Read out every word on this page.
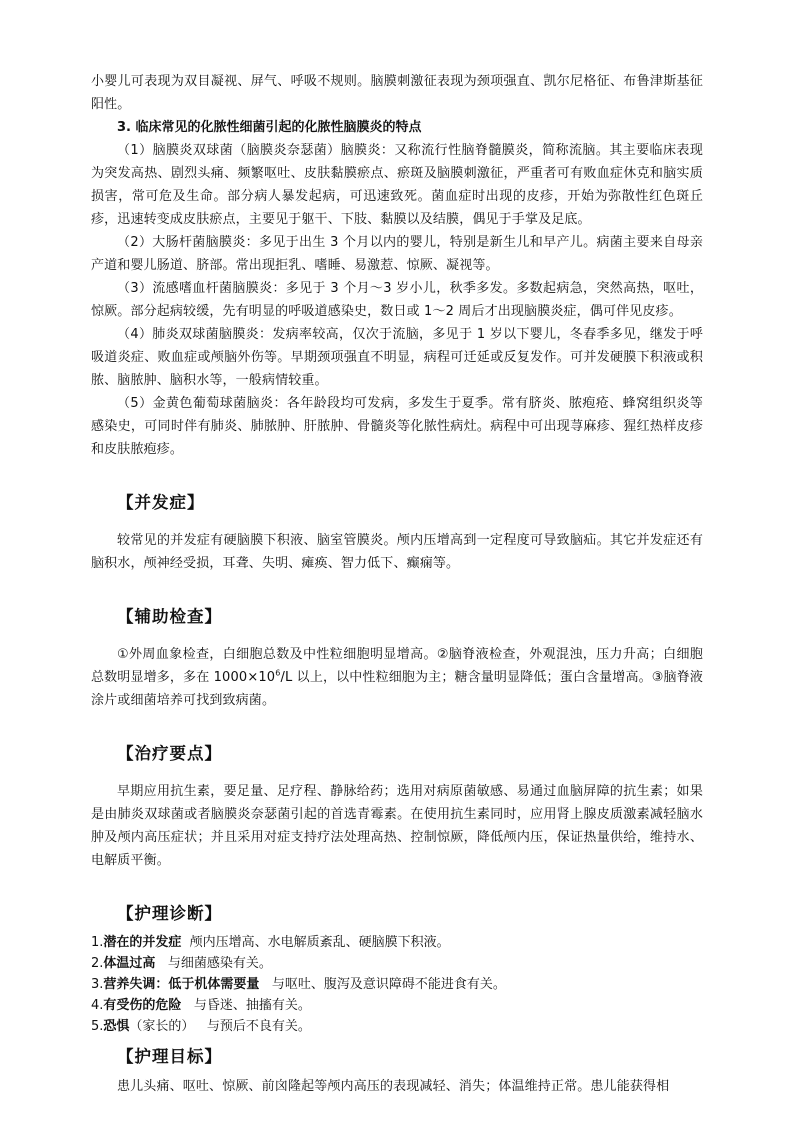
小婴儿可表现为双目凝视、屏气、呼吸不规则。脑膜刺激征表现为颈项强直、凯尔尼格征、布鲁津斯基征阳性。

3. 临床常见的化脓性细菌引起的化脓性脑膜炎的特点

（1）脑膜炎双球菌（脑膜炎奈瑟菌）脑膜炎：又称流行性脑脊髓膜炎，简称流脑。其主要临床表现为突发高热、剧烈头痛、频繁呕吐、皮肤黏膜瘀点、瘀斑及脑膜刺激征，严重者可有败血症休克和脑实质损害，常可危及生命。部分病人暴发起病，可迅速致死。菌血症时出现的皮疹，开始为弥散性红色斑丘疹，迅速转变成皮肤瘀点，主要见于躯干、下肢、黏膜以及结膜，偶见于手掌及足底。

（2）大肠杆菌脑膜炎：多见于出生 3 个月以内的婴儿，特别是新生儿和早产儿。病菌主要来自母亲产道和婴儿肠道、脐部。常出现拒乳、嗜睡、易激惹、惊厥、凝视等。

（3）流感嗜血杆菌脑膜炎：多见于 3 个月～3 岁小儿，秋季多发。多数起病急，突然高热，呕吐，惊厥。部分起病较缓，先有明显的呼吸道感染史，数日或 1～2 周后才出现脑膜炎症，偶可伴见皮疹。

（4）肺炎双球菌脑膜炎：发病率较高，仅次于流脑，多见于 1 岁以下婴儿，冬春季多见，继发于呼吸道炎症、败血症或颅脑外伤等。早期颈项强直不明显，病程可迁延或反复发作。可并发硬膜下积液或积脓、脑脓肿、脑积水等，一般病情较重。

（5）金黄色葡萄球菌脑炎：各年龄段均可发病，多发生于夏季。常有脐炎、脓疱疮、蜂窝组织炎等感染史，可同时伴有肺炎、肺脓肿、肝脓肿、骨髓炎等化脓性病灶。病程中可出现荨麻疹、猩红热样皮疹和皮肤脓疱疹。

【并发症】

较常见的并发症有硬脑膜下积液、脑室管膜炎。颅内压增高到一定程度可导致脑疝。其它并发症还有脑积水，颅神经受损，耳聋、失明、瘫痪、智力低下、癫痫等。

【辅助检查】

①外周血象检查，白细胞总数及中性粒细胞明显增高。②脑脊液检查，外观混浊，压力升高；白细胞总数明显增多，多在 $1000\times 10^6/L$ 以上，以中性粒细胞为主；糖含量明显降低；蛋白含量增高。③脑脊液涂片或细菌培养可找到致病菌。

【治疗要点】

早期应用抗生素，要足量、足疗程、静脉给药；选用对病原菌敏感、易通过血脑屏障的抗生素；如果是由肺炎双球菌或者脑膜炎奈瑟菌引起的首选青霉素。在使用抗生素同时，应用肾上腺皮质激素减轻脑水肿及颅内高压症状；并且采用对症支持疗法处理高热、控制惊厥，降低颅内压，保证热量供给，维持水、电解质平衡。

【护理诊断】

1.潜在的并发症  颅内压增高、水电解质紊乱、硬脑膜下积液。

2.体温过高   与细菌感染有关。

3.营养失调：低于机体需要量   与呕吐、腹泻及意识障碍不能进食有关。

4.有受伤的危险   与昏迷、抽搐有关。

5.恐惧（家长的）   与预后不良有关。

【护理目标】

患儿头痛、呕吐、惊厥、前囟隆起等颅内高压的表现减轻、消失；体温维持正常。患儿能获得相
